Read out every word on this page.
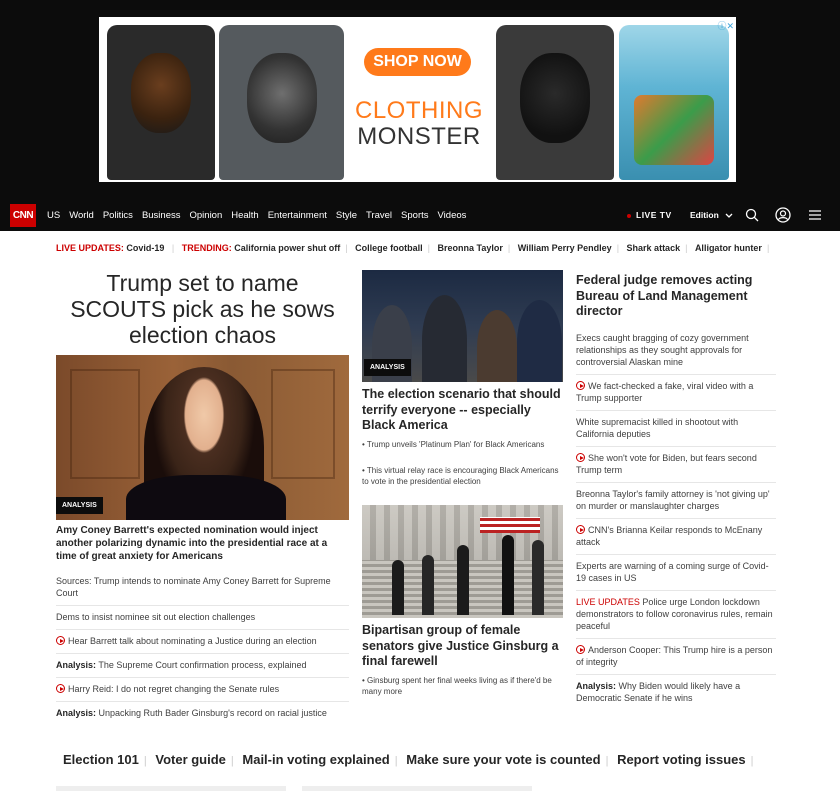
SHOP NOW
CLOTHING
MONSTER
ⓘ✕
CNN	US World Politics Business Opinion Health Entertainment Style Travel Sports Videos	LIVE TV Edition
LIVE UPDATES: Covid-19 | TRENDING: California power shut off | College football | Breonna Taylor | William Perry Pendley | Shark attack | Alligator hunter |
Trump set to name SCOUTS pick as he sows election chaos
ANALYSIS
Amy Coney Barrett's expected nomination would inject another polarizing dynamic into the presidential race at a time of great anxiety for Americans
Sources: Trump intends to nominate Amy Coney Barrett for Supreme Court
Dems to insist nominee sit out election challenges
Hear Barrett talk about nominating a Justice during an election
Analysis: The Supreme Court confirmation process, explained
Harry Reid: I do not regret changing the Senate rules
Analysis: Unpacking Ruth Bader Ginsburg's record on racial justice
ANALYSIS
The election scenario that should terrify everyone -- especially Black America
• Trump unveils 'Platinum Plan' for Black Americans
• This virtual relay race is encouraging Black Americans to vote in the presidential election
Bipartisan group of female senators give Justice Ginsburg a final farewell
• Ginsburg spent her final weeks living as if there'd be many more
Federal judge removes acting Bureau of Land Management director
Execs caught bragging of cozy government relationships as they sought approvals for controversial Alaskan mine
We fact-checked a fake, viral video with a Trump supporter
White supremacist killed in shootout with California deputies
She won't vote for Biden, but fears second Trump term
Breonna Taylor's family attorney is 'not giving up' on murder or manslaughter charges
CNN's Brianna Keilar responds to McEnany attack
Experts are warning of a coming surge of Covid-19 cases in US
LIVE UPDATES Police urge London lockdown demonstrators to follow coronavirus rules, remain peaceful
Anderson Cooper: This Trump hire is a person of integrity
Analysis: Why Biden would likely have a Democratic Senate if he wins
Election 101 | Voter guide | Mail-in voting explained | Make sure your vote is counted | Report voting issues |
